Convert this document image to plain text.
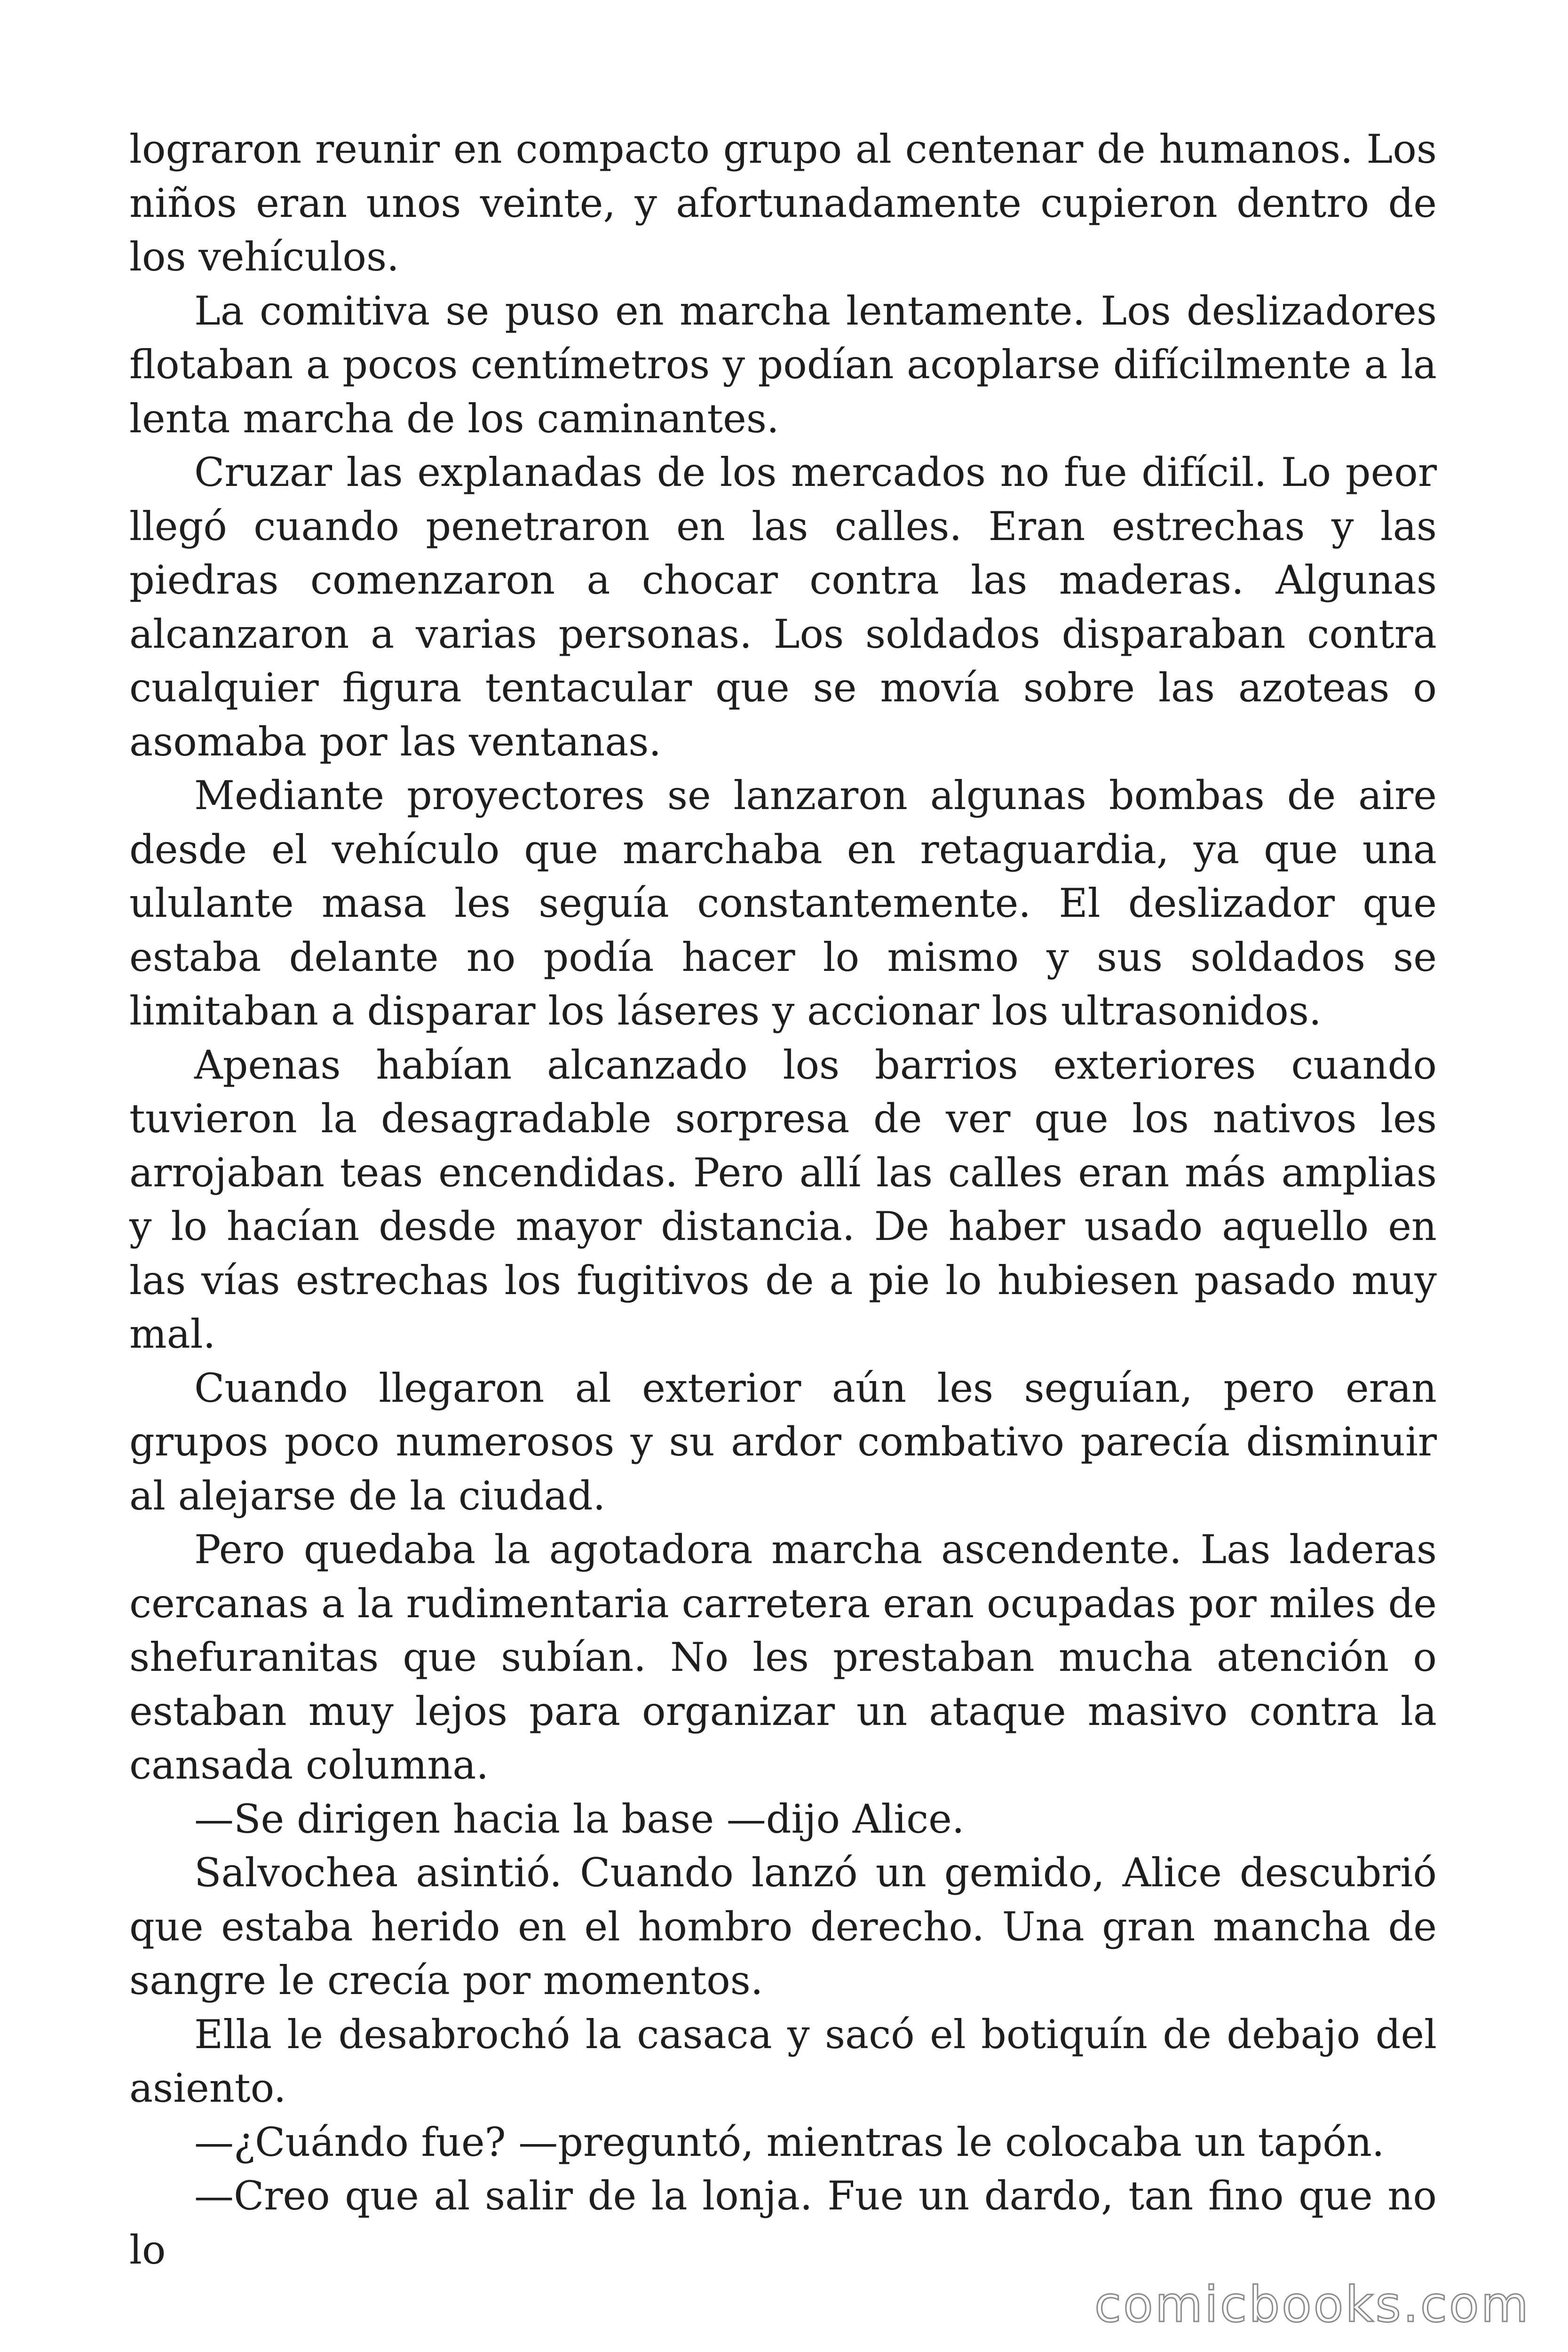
lograron reunir en compacto grupo al centenar de humanos. Los niños eran unos veinte, y afortunadamente cupieron dentro de los vehículos.

La comitiva se puso en marcha lentamente. Los deslizadores flotaban a pocos centímetros y podían acoplarse difícilmente a la lenta marcha de los caminantes.

Cruzar las explanadas de los mercados no fue difícil. Lo peor llegó cuando penetraron en las calles. Eran estrechas y las piedras comenzaron a chocar contra las maderas. Algunas alcanzaron a varias personas. Los soldados disparaban contra cualquier figura tentacular que se movía sobre las azoteas o asomaba por las ventanas.

Mediante proyectores se lanzaron algunas bombas de aire desde el vehículo que marchaba en retaguardia, ya que una ululante masa les seguía constantemente. El deslizador que estaba delante no podía hacer lo mismo y sus soldados se limitaban a disparar los láseres y accionar los ultrasonidos.

Apenas habían alcanzado los barrios exteriores cuando tuvieron la desagradable sorpresa de ver que los nativos les arrojaban teas encendidas. Pero allí las calles eran más amplias y lo hacían desde mayor distancia. De haber usado aquello en las vías estrechas los fugitivos de a pie lo hubiesen pasado muy mal.

Cuando llegaron al exterior aún les seguían, pero eran grupos poco numerosos y su ardor combativo parecía disminuir al alejarse de la ciudad.

Pero quedaba la agotadora marcha ascendente. Las laderas cercanas a la rudimentaria carretera eran ocupadas por miles de shefuranitas que subían. No les prestaban mucha atención o estaban muy lejos para organizar un ataque masivo contra la cansada columna.

—Se dirigen hacia la base —dijo Alice.

Salvochea asintió. Cuando lanzó un gemido, Alice descubrió que estaba herido en el hombro derecho. Una gran mancha de sangre le crecía por momentos.

Ella le desabrochó la casaca y sacó el botiquín de debajo del asiento.

—¿Cuándo fue? —preguntó, mientras le colocaba un tapón.

—Creo que al salir de la lonja. Fue un dardo, tan fino que no lo

comicbooks.com
